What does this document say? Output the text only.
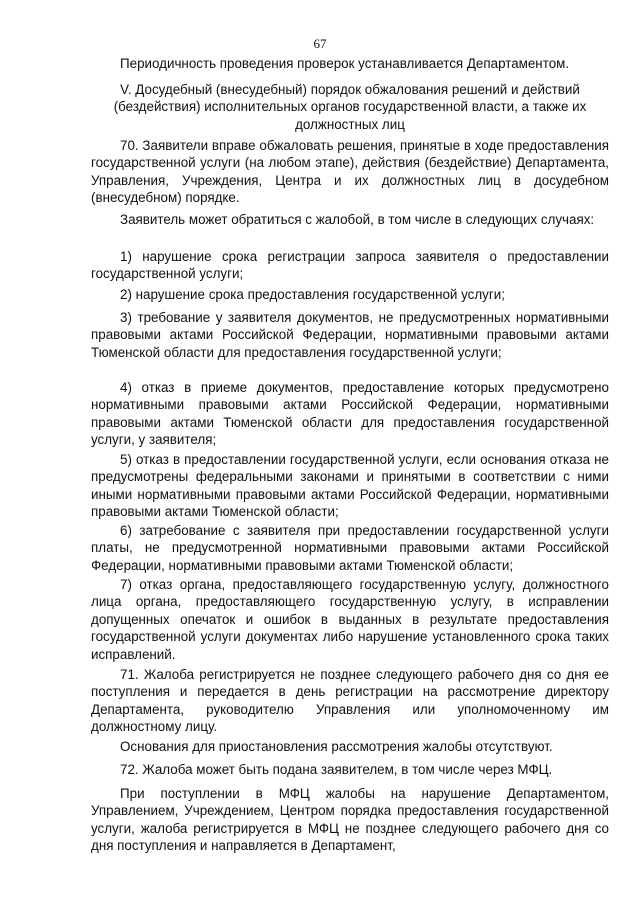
67

Периодичность проведения проверок устанавливается Департаментом.

V. Досудебный (внесудебный) порядок обжалования решений и действий (бездействия) исполнительных органов государственной власти, а также их должностных лиц

70. Заявители вправе обжаловать решения, принятые в ходе предоставления государственной услуги (на любом этапе), действия (бездействие) Департамента, Управления, Учреждения, Центра и их должностных лиц в досудебном (внесудебном) порядке.

Заявитель может обратиться с жалобой, в том числе в следующих случаях:

1) нарушение срока регистрации запроса заявителя о предоставлении государственной услуги;

2) нарушение срока предоставления государственной услуги;

3) требование у заявителя документов, не предусмотренных нормативными правовыми актами Российской Федерации, нормативными правовыми актами Тюменской области для предоставления государственной услуги;

4) отказ в приеме документов, предоставление которых предусмотрено нормативными правовыми актами Российской Федерации, нормативными правовыми актами Тюменской области для предоставления государственной услуги, у заявителя;

5) отказ в предоставлении государственной услуги, если основания отказа не предусмотрены федеральными законами и принятыми в соответствии с ними иными нормативными правовыми актами Российской Федерации, нормативными правовыми актами Тюменской области;

6) затребование с заявителя при предоставлении государственной услуги платы, не предусмотренной нормативными правовыми актами Российской Федерации, нормативными правовыми актами Тюменской области;

7) отказ органа, предоставляющего государственную услугу, должностного лица органа, предоставляющего государственную услугу, в исправлении допущенных опечаток и ошибок в выданных в результате предоставления государственной услуги документах либо нарушение установленного срока таких исправлений.

71. Жалоба регистрируется не позднее следующего рабочего дня со дня ее поступления и передается в день регистрации на рассмотрение директору Департамента, руководителю Управления или уполномоченному им должностному лицу.

Основания для приостановления рассмотрения жалобы отсутствуют.

72. Жалоба может быть подана заявителем, в том числе через МФЦ.

При поступлении в МФЦ жалобы на нарушение Департаментом, Управлением, Учреждением, Центром порядка предоставления государственной услуги, жалоба регистрируется в МФЦ не позднее следующего рабочего дня со дня поступления и направляется в Департамент,
